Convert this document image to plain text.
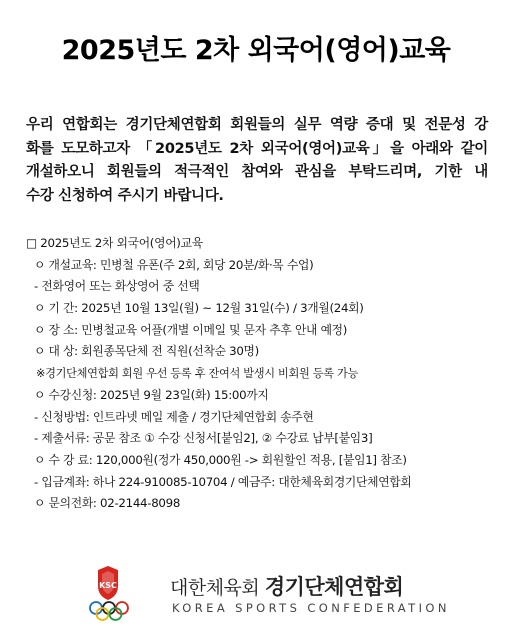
2025년도 2차 외국어(영어)교육
우리 연합회는 경기단체연합회 회원들의 실무 역량 증대 및 전문성 강
화를 도모하고자 「2025년도 2차 외국어(영어)교육」을 아래와 같이
개설하오니 회원들의 적극적인 참여와 관심을 부탁드리며, 기한 내
수강 신청하여 주시기 바랍니다.
□ 2025년도 2차 외국어(영어)교육
ㅇ 개설교육: 민병철 유폰(주 2회, 회당 20분/화·목 수업)
- 전화영어 또는 화상영어 중 선택
ㅇ 기 간: 2025년 10월 13일(월) ~ 12월 31일(수) / 3개월(24회)
ㅇ 장 소: 민병철교육 어플(개별 이메일 및 문자 추후 안내 예정)
ㅇ 대 상: 회원종목단체 전 직원(선착순 30명)
※경기단체연합회 회원 우선 등록 후 잔여석 발생시 비회원 등록 가능
ㅇ 수강신청: 2025년 9월 23일(화) 15:00까지
- 신청방법: 인트라넷 메일 제출 / 경기단체연합회 송주현
- 제출서류: 공문 참조 ① 수강 신청서[붙임2], ② 수강료 납부[붙임3]
ㅇ 수 강 료: 120,000원(정가 450,000원 -> 회원할인 적용, [붙임1] 참조)
- 입금계좌: 하나 224-910085-10704 / 예금주: 대한체육회경기단체연합회
ㅇ 문의전화: 02-2144-8098
KSC	대한체육회 경기단체연합회
KOREA SPORTS CONFEDERATION
